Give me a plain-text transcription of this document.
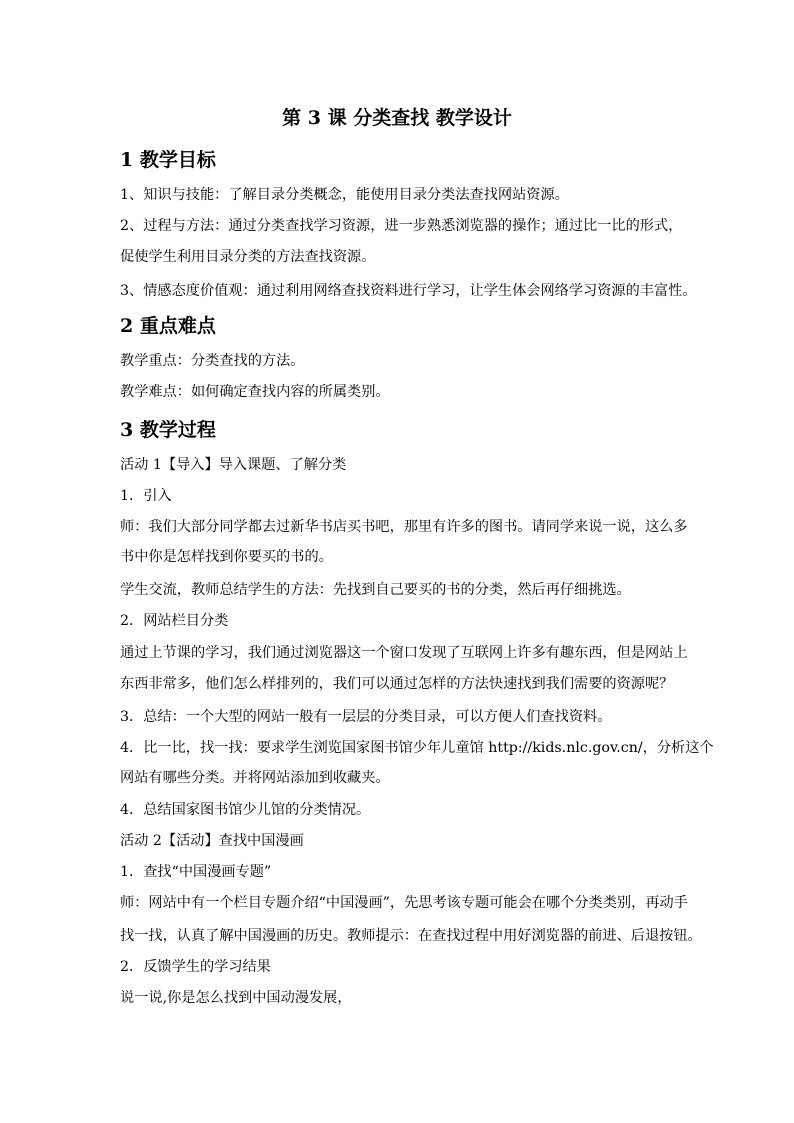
第 3 课 分类查找 教学设计
1 教学目标
1、知识与技能：了解目录分类概念，能使用目录分类法查找网站资源。
2、过程与方法：通过分类查找学习资源，进一步熟悉浏览器的操作；通过比一比的形式，
促使学生利用目录分类的方法查找资源。
3、情感态度价值观：通过利用网络查找资料进行学习，让学生体会网络学习资源的丰富性。
2 重点难点
教学重点：分类查找的方法。
教学难点：如何确定查找内容的所属类别。
3 教学过程
活动 1【导入】导入课题、了解分类
1．引入
师：我们大部分同学都去过新华书店买书吧，那里有许多的图书。请同学来说一说，这么多
书中你是怎样找到你要买的书的。
学生交流，教师总结学生的方法：先找到自己要买的书的分类，然后再仔细挑选。
2．网站栏目分类
通过上节课的学习，我们通过浏览器这一个窗口发现了互联网上许多有趣东西，但是网站上
东西非常多，他们怎么样排列的，我们可以通过怎样的方法快速找到我们需要的资源呢？
3．总结：一个大型的网站一般有一层层的分类目录，可以方便人们查找资料。
4．比一比，找一找：要求学生浏览国家图书馆少年儿童馆 http://kids.nlc.gov.cn/，分析这个
网站有哪些分类。并将网站添加到收藏夹。
4．总结国家图书馆少儿馆的分类情况。
活动 2【活动】查找中国漫画
1．查找“中国漫画专题”
师：网站中有一个栏目专题介绍“中国漫画”，先思考该专题可能会在哪个分类类别，再动手
找一找，认真了解中国漫画的历史。教师提示：在查找过程中用好浏览器的前进、后退按钮。
2．反馈学生的学习结果
说一说,你是怎么找到中国动漫发展，
